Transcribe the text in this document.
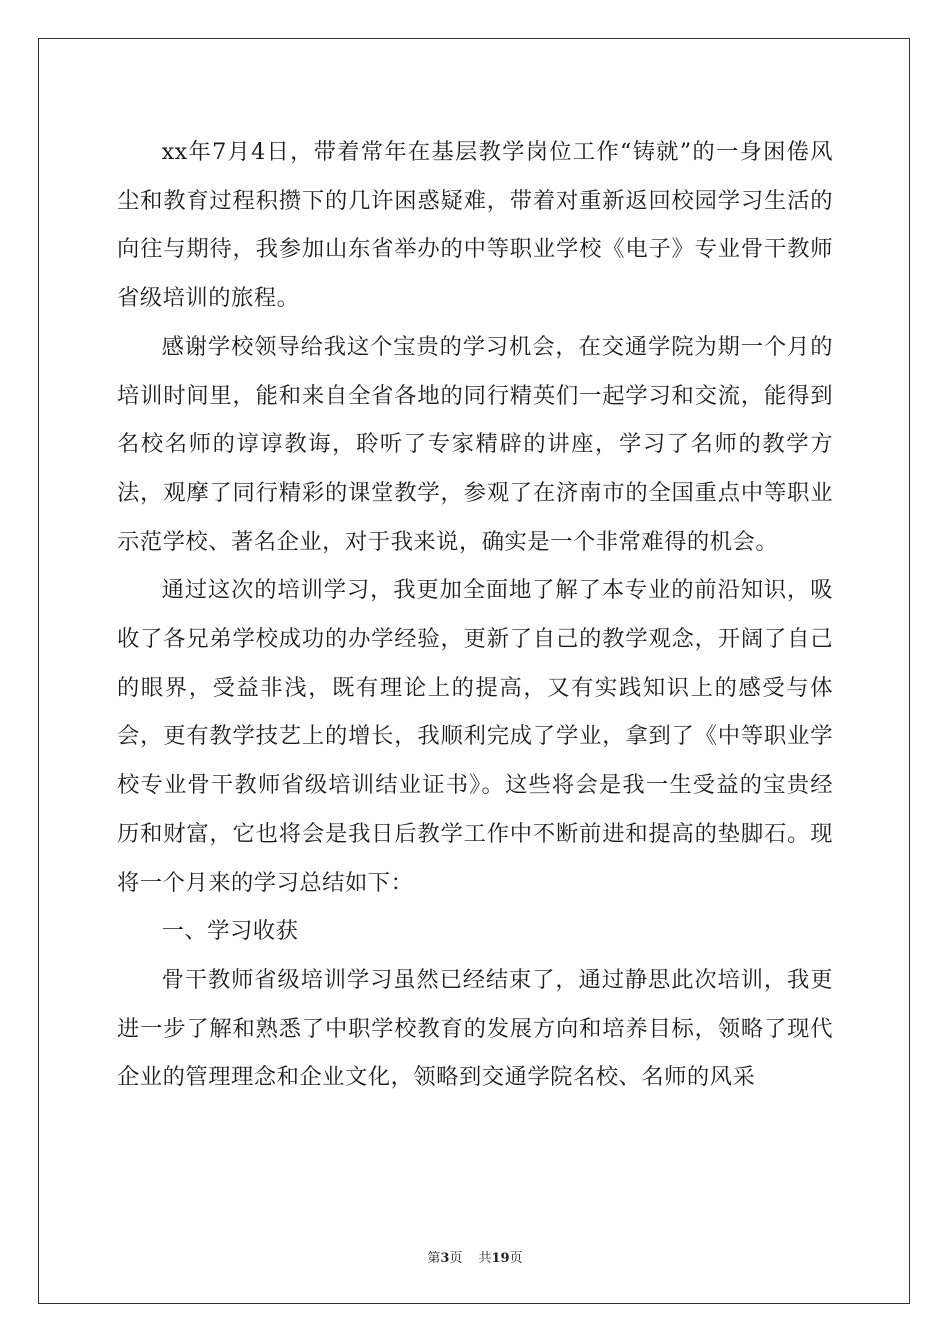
xx年7月4日，带着常年在基层教学岗位工作“铸就”的一身困倦风尘和教育过程积攒下的几许困惑疑难，带着对重新返回校园学习生活的向往与期待，我参加山东省举办的中等职业学校《电子》专业骨干教师省级培训的旅程。

感谢学校领导给我这个宝贵的学习机会，在交通学院为期一个月的培训时间里，能和来自全省各地的同行精英们一起学习和交流，能得到名校名师的谆谆教诲，聆听了专家精辟的讲座，学习了名师的教学方法，观摩了同行精彩的课堂教学，参观了在济南市的全国重点中等职业示范学校、著名企业，对于我来说，确实是一个非常难得的机会。

通过这次的培训学习，我更加全面地了解了本专业的前沿知识，吸收了各兄弟学校成功的办学经验，更新了自己的教学观念，开阔了自己的眼界，受益非浅，既有理论上的提高，又有实践知识上的感受与体会，更有教学技艺上的增长，我顺利完成了学业，拿到了《中等职业学校专业骨干教师省级培训结业证书》。这些将会是我一生受益的宝贵经历和财富，它也将会是我日后教学工作中不断前进和提高的垫脚石。现将一个月来的学习总结如下：

一、学习收获

骨干教师省级培训学习虽然已经结束了，通过静思此次培训，我更进一步了解和熟悉了中职学校教育的发展方向和培养目标，领略了现代企业的管理理念和企业文化，领略到交通学院名校、名师的风采

第3页 共19页
